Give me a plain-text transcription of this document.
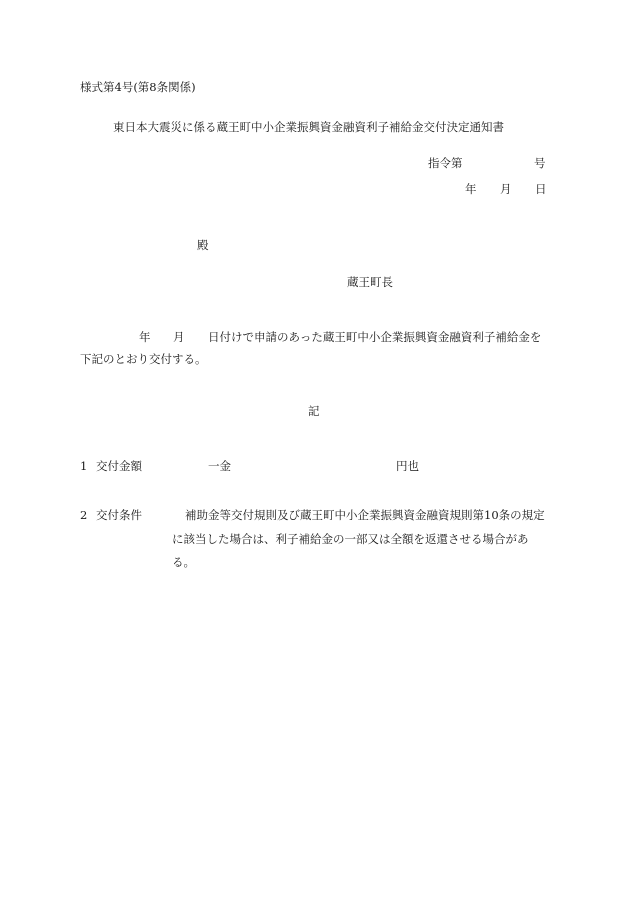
様式第4号(第8条関係)
東日本大震災に係る蔵王町中小企業振興資金融資利子補給金交付決定通知書
指令第	号
年 月 日
殿
蔵王町長
年 月 日付けで申請のあった蔵王町中小企業振興資金融資利子補給金を
下記のとおり交付する。
記
1 交付金額	一金	円也
2 交付条件	補助金等交付規則及び蔵王町中小企業振興資金融資規則第10条の規定
に該当した場合は、利子補給金の一部又は全額を返還させる場合があ
る。
